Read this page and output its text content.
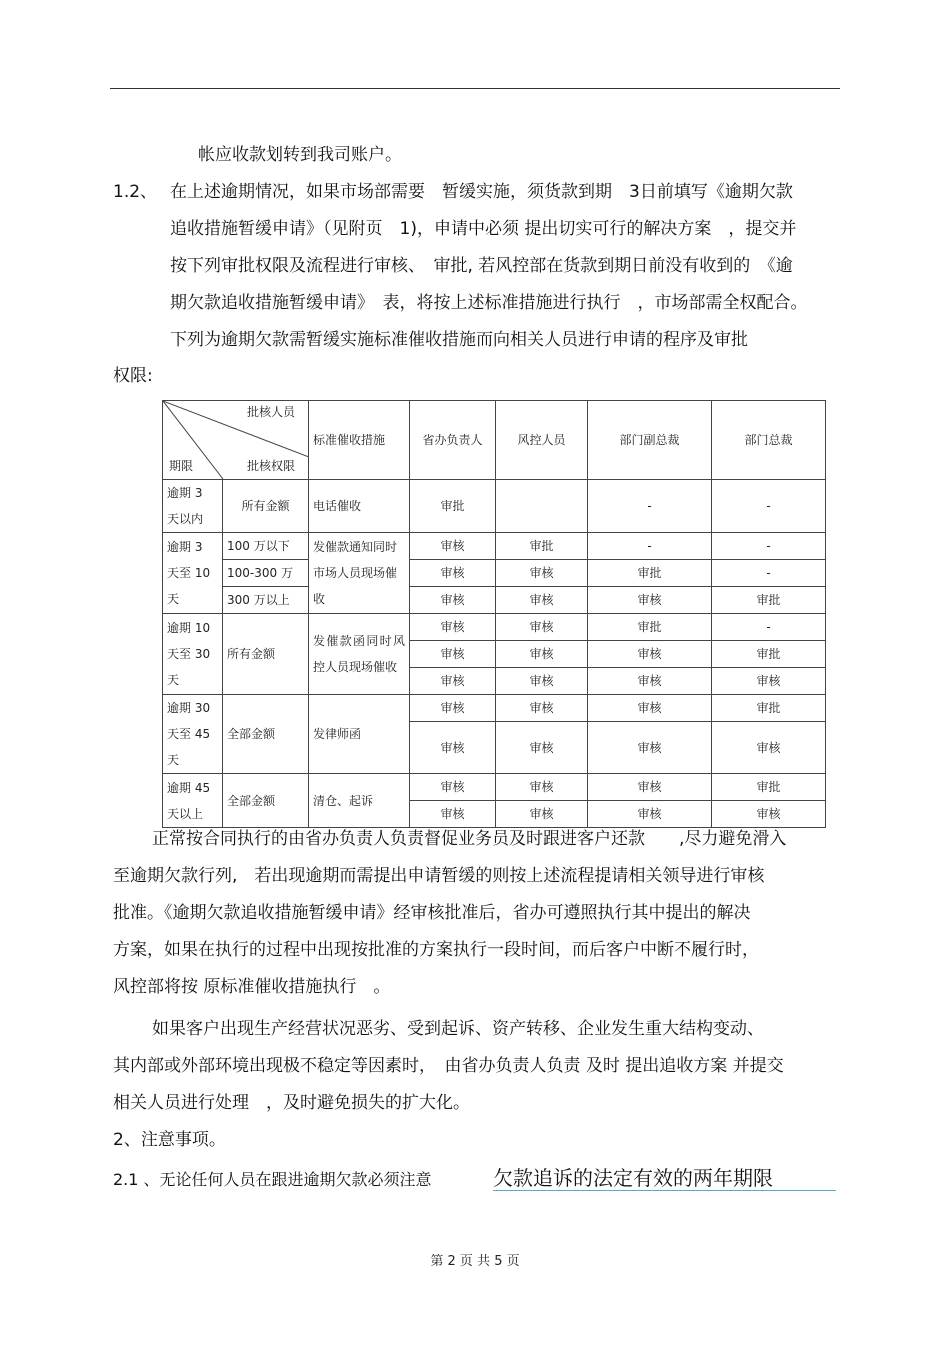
帐应收款划转到我司账户。
1.2、 在上述逾期情况，如果市场部需要　暂缓实施，须货款到期　3日前填写《逾期欠款
追收措施暂缓申请》（见附页　1)，申请中必须 提出切实可行的解决方案　，提交并
按下列审批权限及流程进行审核、　审批, 若风控部在货款到期日前没有收到的　《逾
期欠款追收措施暂缓申请》　表，将按上述标准措施进行执行　，市场部需全权配合。
下列为逾期欠款需暂缓实施标准催收措施而向相关人员进行申请的程序及审批
权限:
批核人员
期限 批核权限		标准催收措施	省办负责人	风控人员	部门副总裁	部门总裁
逾期 3 天以内	所有金额	电话催收	审批		-	-
逾期 3 天至 10 天	100 万以下	发催款通知同时市场人员现场催收	审核	审批	-	-
	100-300 万		审核	审核	审批	-
	300 万以上		审核	审核	审核	审批
逾期 10 天至 30 天	所有金额	发催款函同时风控人员现场催收	审核	审核	审批	-
			审核	审核	审核	审批
			审核	审核	审核	审核
逾期 30 天至 45 天	全部金额	发律师函	审核	审核	审核	审批
			审核	审核	审核	审核
逾期 45 天以上	全部金额	清仓、起诉	审核	审核	审核	审批
			审核	审核	审核	审核
正常按合同执行的由省办负责人负责督促业务员及时跟进客户还款　　,尽力避免滑入
至逾期欠款行列,　若出现逾期而需提出申请暂缓的则按上述流程提请相关领导进行审核
批准。《逾期欠款追收措施暂缓申请》经审核批准后，省办可遵照执行其中提出的解决
方案，如果在执行的过程中出现按批准的方案执行一段时间，而后客户中断不履行时，
风控部将按 原标准催收措施执行　。
如果客户出现生产经营状况恶劣、受到起诉、资产转移、企业发生重大结构变动、
其内部或外部环境出现极不稳定等因素时，　由省办负责人负责 及时 提出追收方案 并提交
相关人员进行处理　，及时避免损失的扩大化。
2、注意事项。
2.1 、无论任何人员在跟进逾期欠款必须注意	欠款追诉的法定有效的两年期限
第 2 页 共 5 页
